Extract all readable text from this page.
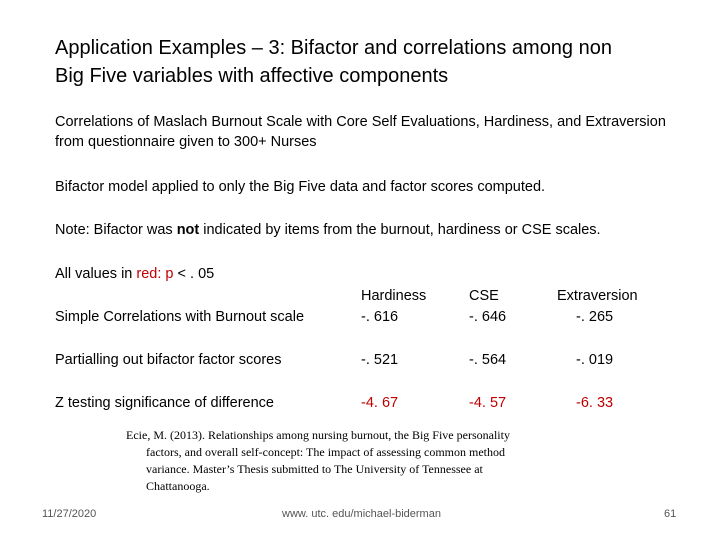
Application Examples – 3: Bifactor and correlations among non
Big Five variables with affective components
Correlations of Maslach Burnout Scale with Core Self Evaluations, Hardiness, and Extraversion from questionnaire given to 300+ Nurses
Bifactor model applied to only the Big Five data and factor scores computed.
Note: Bifactor was not indicated by items from the burnout, hardiness or CSE scales.
All values in red: p < . 05
Hardiness	CSE	Extraversion
Simple Correlations with Burnout scale	-. 616	-. 646	-. 265
Partialling out bifactor factor scores	-. 521	-. 564	-. 019
Z testing significance of difference	-4. 67	-4. 57	-6. 33
Ecie, M. (2013). Relationships among nursing burnout, the Big Five personality
factors, and overall self-concept: The impact of assessing common method
variance. Master’s Thesis submitted to The University of Tennessee at
Chattanooga.
11/27/2020	www. utc. edu/michael-biderman	61
